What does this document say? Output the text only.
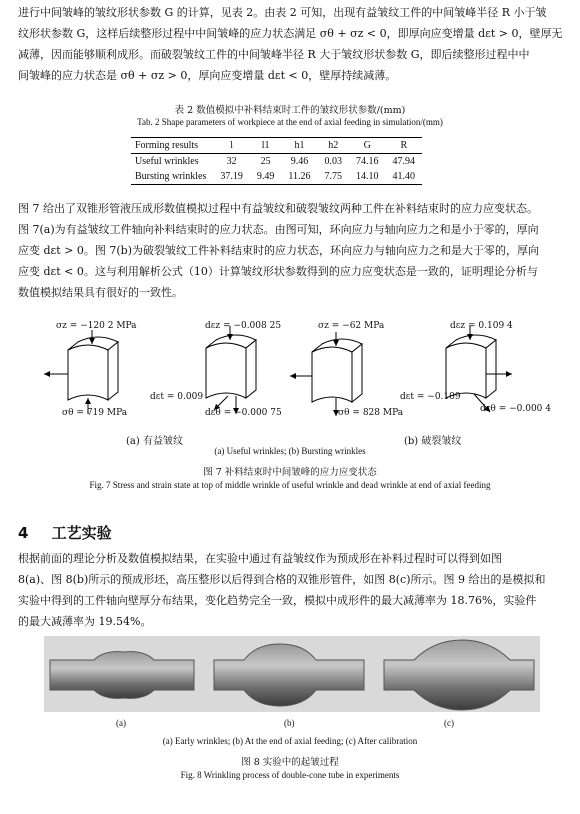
进行中间皱峰的皱纹形状参数 G 的计算，见表 2。由表 2 可知，出现有益皱纹工件的中间皱峰半径 R 小于皱
纹形状参数 G，这样后续整形过程中中间皱峰的应力状态满足 σθ + σz < 0，即厚向应变增量 dεt > 0，壁厚无
减薄，因而能够顺利成形。而破裂皱纹工件的中间皱峰半径 R 大于皱纹形状参数 G，即后续整形过程中中
间皱峰的应力状态是 σθ + σz > 0，厚向应变增量 dεt < 0，壁厚持续减薄。
表 2 数值模拟中补料结束时工件的皱纹形状参数/(mm)
Tab. 2 Shape parameters of workpiece at the end of axial feeding in simulation/(mm)
Forming results	l	l1	h1	h2	G	R
Useful wrinkles	32	25	9.46	0.03	74.16	47.94
Bursting wrinkles	37.19	9.49	11.26	7.75	14.10	41.40
图 7 给出了双锥形管液压成形数值模拟过程中有益皱纹和破裂皱纹两种工件在补料结束时的应力应变状态。
图 7(a)为有益皱纹工件轴向补料结束时的应力状态。由图可知，环向应力与轴向应力之和是小于零的，厚向
应变 dεt > 0。图 7(b)为破裂皱纹工件补料结束时的应力状态，环向应力与轴向应力之和是大于零的，厚向
应变 dεt < 0。这与利用解析公式（10）计算皱纹形状参数得到的应力应变状态是一致的，证明理论分析与
数值模拟结果具有很好的一致性。
σz = −120 2 MPa	dεz = −0.008 25
dεt = 0.009
dεθ = −0.000 75
σθ = 719 MPa
σz = −62 MPa	dεz = 0.109 4
dεt = −0.109
dεθ = −0.000 4
σθ = 828 MPa
(a) 有益皱纹	(b) 破裂皱纹
(a) Useful wrinkles; (b) Bursting wrinkles
图 7 补料结束时中间皱峰的应力应变状态
Fig. 7 Stress and strain state at top of middle wrinkle of useful wrinkle and dead wrinkle at end of axial feeding
4 工艺实验
根据前面的理论分析及数值模拟结果，在实验中通过有益皱纹作为预成形在补料过程时可以得到如图
8(a)、图 8(b)所示的预成形坯，高压整形以后得到合格的双锥形管件，如图 8(c)所示。图 9 给出的是模拟和
实验中得到的工件轴向壁厚分布结果，变化趋势完全一致，模拟中成形件的最大减薄率为 18.76%，实验件
的最大减薄率为 19.54%。
(a)	(b)	(c)
(a) Early wrinkles; (b) At the end of axial feeding; (c) After calibration
图 8 实验中的起皱过程
Fig. 8 Wrinkling process of double-cone tube in experiments
